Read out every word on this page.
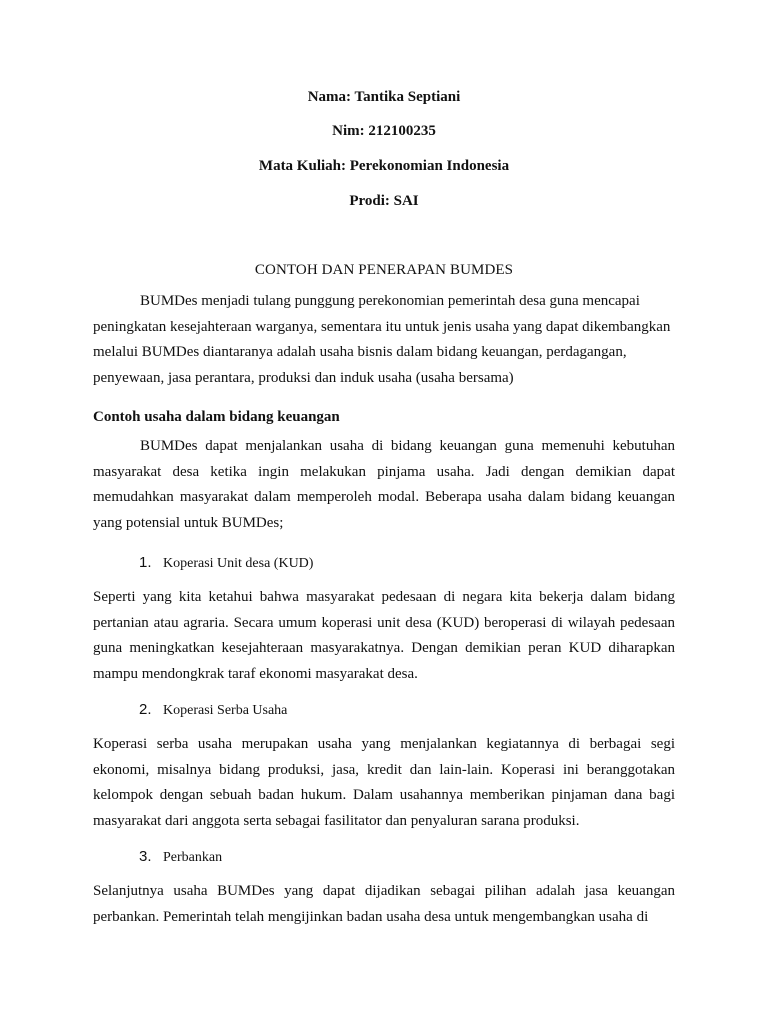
Nama: Tantika Septiani

Nim: 212100235

Mata Kuliah: Perekonomian Indonesia

Prodi: SAI

CONTOH DAN PENERAPAN BUMDES

BUMDes menjadi tulang punggung perekonomian pemerintah desa guna mencapai peningkatan kesejahteraan warganya, sementara itu untuk jenis usaha yang dapat dikembangkan melalui BUMDes diantaranya adalah usaha bisnis dalam bidang keuangan, perdagangan, penyewaan, jasa perantara, produksi dan induk usaha (usaha bersama)

Contoh usaha dalam bidang keuangan

BUMDes dapat menjalankan usaha di bidang keuangan guna memenuhi kebutuhan masyarakat desa ketika ingin melakukan pinjama usaha. Jadi dengan demikian dapat memudahkan masyarakat dalam memperoleh modal. Beberapa usaha dalam bidang keuangan yang potensial untuk BUMDes;

1. Koperasi Unit desa (KUD)

Seperti yang kita ketahui bahwa masyarakat pedesaan di negara kita bekerja dalam bidang pertanian atau agraria. Secara umum koperasi unit desa (KUD) beroperasi di wilayah pedesaan guna meningkatkan kesejahteraan masyarakatnya. Dengan demikian peran KUD diharapkan mampu mendongkrak taraf ekonomi masyarakat desa.

2. Koperasi Serba Usaha

Koperasi serba usaha merupakan usaha yang menjalankan kegiatannya di berbagai segi ekonomi, misalnya bidang produksi, jasa, kredit dan lain-lain. Koperasi ini beranggotakan kelompok dengan sebuah badan hukum. Dalam usahannya memberikan pinjaman dana bagi masyarakat dari anggota serta sebagai fasilitator dan penyaluran sarana produksi.

3. Perbankan

Selanjutnya usaha BUMDes yang dapat dijadikan sebagai pilihan adalah jasa keuangan perbankan. Pemerintah telah mengijinkan badan usaha desa untuk mengembangkan usaha di
